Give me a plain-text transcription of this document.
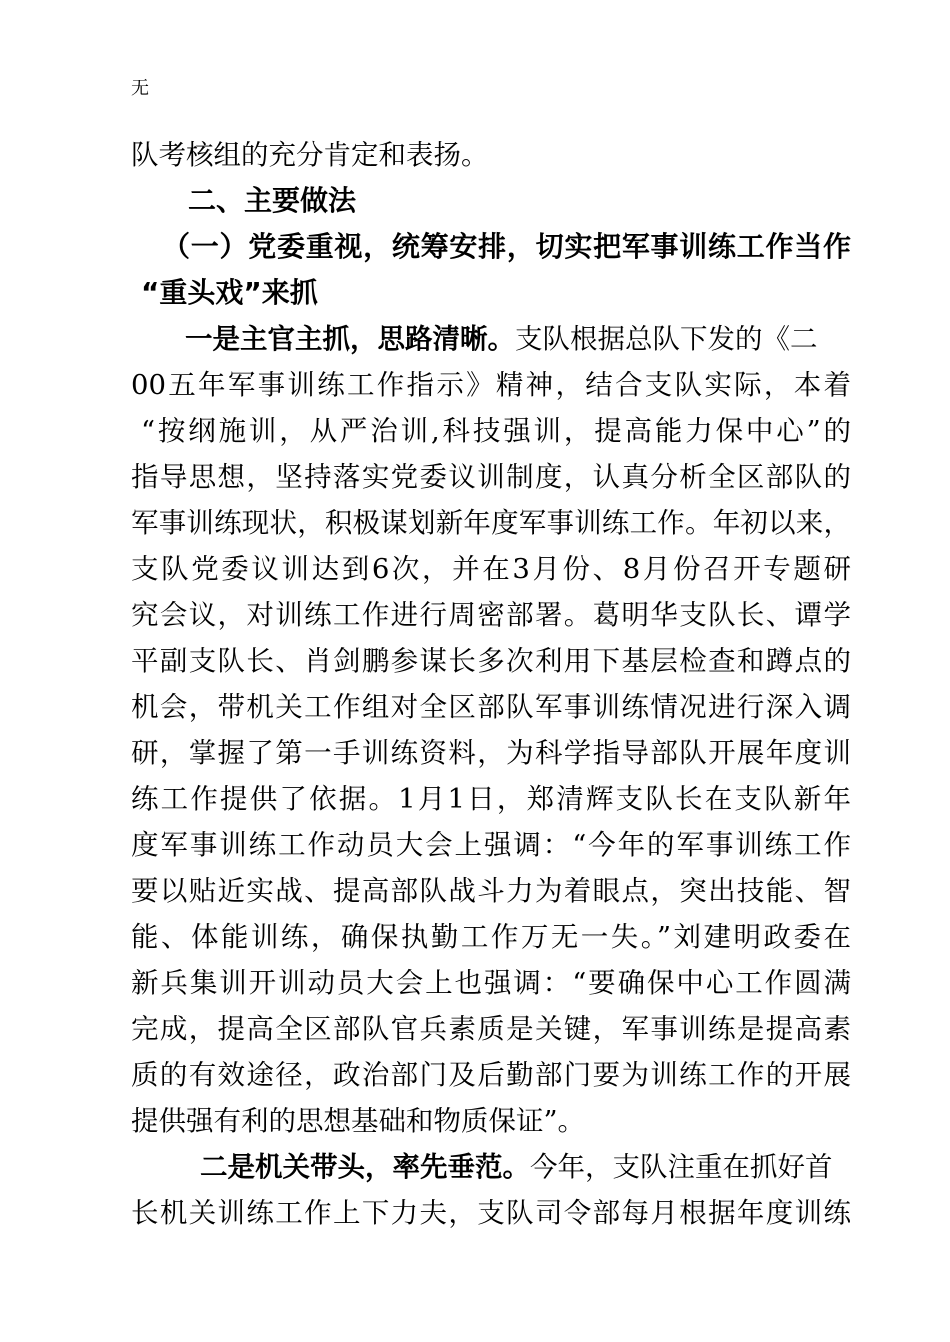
无
队考核组的充分肯定和表扬。
二、主要做法
（一）党委重视，统筹安排，切实把军事训练工作当作
“重头戏”来抓
一是主官主抓，思路清晰。支队根据总队下发的《二
00五年军事训练工作指示》精神，结合支队实际，本着
“按纲施训，从严治训,科技强训，提高能力保中心”的
指导思想，坚持落实党委议训制度，认真分析全区部队的
军事训练现状，积极谋划新年度军事训练工作。年初以来，
支队党委议训达到6次，并在3月份、8月份召开专题研
究会议，对训练工作进行周密部署。葛明华支队长、谭学
平副支队长、肖剑鹏参谋长多次利用下基层检查和蹲点的
机会，带机关工作组对全区部队军事训练情况进行深入调
研，掌握了第一手训练资料，为科学指导部队开展年度训
练工作提供了依据。1月1日，郑清辉支队长在支队新年
度军事训练工作动员大会上强调：“今年的军事训练工作
要以贴近实战、提高部队战斗力为着眼点，突出技能、智
能、体能训练，确保执勤工作万无一失。”刘建明政委在
新兵集训开训动员大会上也强调：“要确保中心工作圆满
完成，提高全区部队官兵素质是关键，军事训练是提高素
质的有效途径，政治部门及后勤部门要为训练工作的开展
提供强有利的思想基础和物质保证”。
二是机关带头，率先垂范。今年，支队注重在抓好首
长机关训练工作上下力夫，支队司令部每月根据年度训练
